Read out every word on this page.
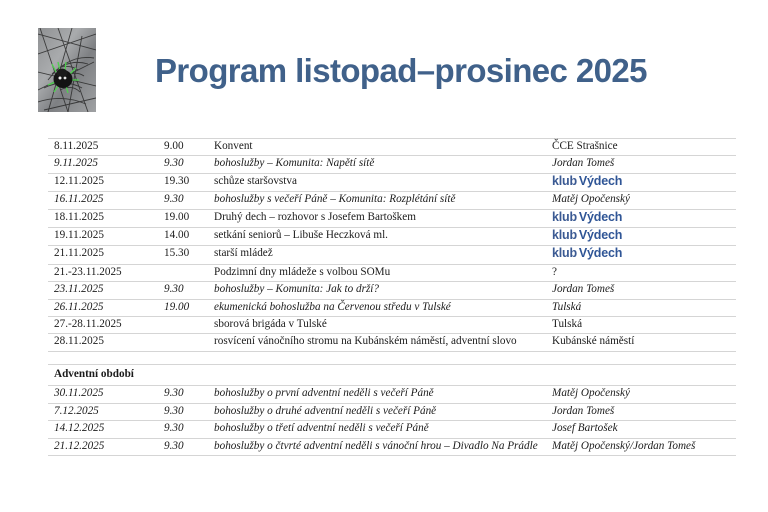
Program listopad–prosinec 2025
8.11.2025	9.00	Konvent	ČCE Strašnice
9.11.2025	9.30	bohoslužby – Komunita: Napětí sítě	Jordan Tomeš
12.11.2025	19.30	schůze staršovstva	klub Výdech
16.11.2025	9.30	bohoslužby s večeří Páně – Komunita: Rozplétání sítě	Matěj Opočenský
18.11.2025	19.00	Druhý dech – rozhovor s Josefem Bartoškem	klub Výdech
19.11.2025	14.00	setkání seniorů – Libuše Heczková ml.	klub Výdech
21.11.2025	15.30	starší mládež	klub Výdech
21.-23.11.2025		Podzimní dny mládeže s volbou SOMu	?
23.11.2025	9.30	bohoslužby – Komunita: Jak to drží?	Jordan Tomeš
26.11.2025	19.00	ekumenická bohoslužba na Červenou středu v Tulské	Tulská
27.-28.11.2025		sborová brigáda v Tulské	Tulská
28.11.2025		rosvícení vánočního stromu na Kubánském náměstí, adventní slovo	Kubánské náměstí

Adventní období			
30.11.2025	9.30	bohoslužby o první adventní neděli s večeří Páně	Matěj Opočenský
7.12.2025	9.30	bohoslužby o druhé adventní neděli s večeří Páně	Jordan Tomeš
14.12.2025	9.30	bohoslužby o třetí adventní neděli s večeří Páně	Josef Bartošek
21.12.2025	9.30	bohoslužby o čtvrté adventní neděli s vánoční hrou – Divadlo Na Prádle	Matěj Opočenský/Jordan Tomeš
